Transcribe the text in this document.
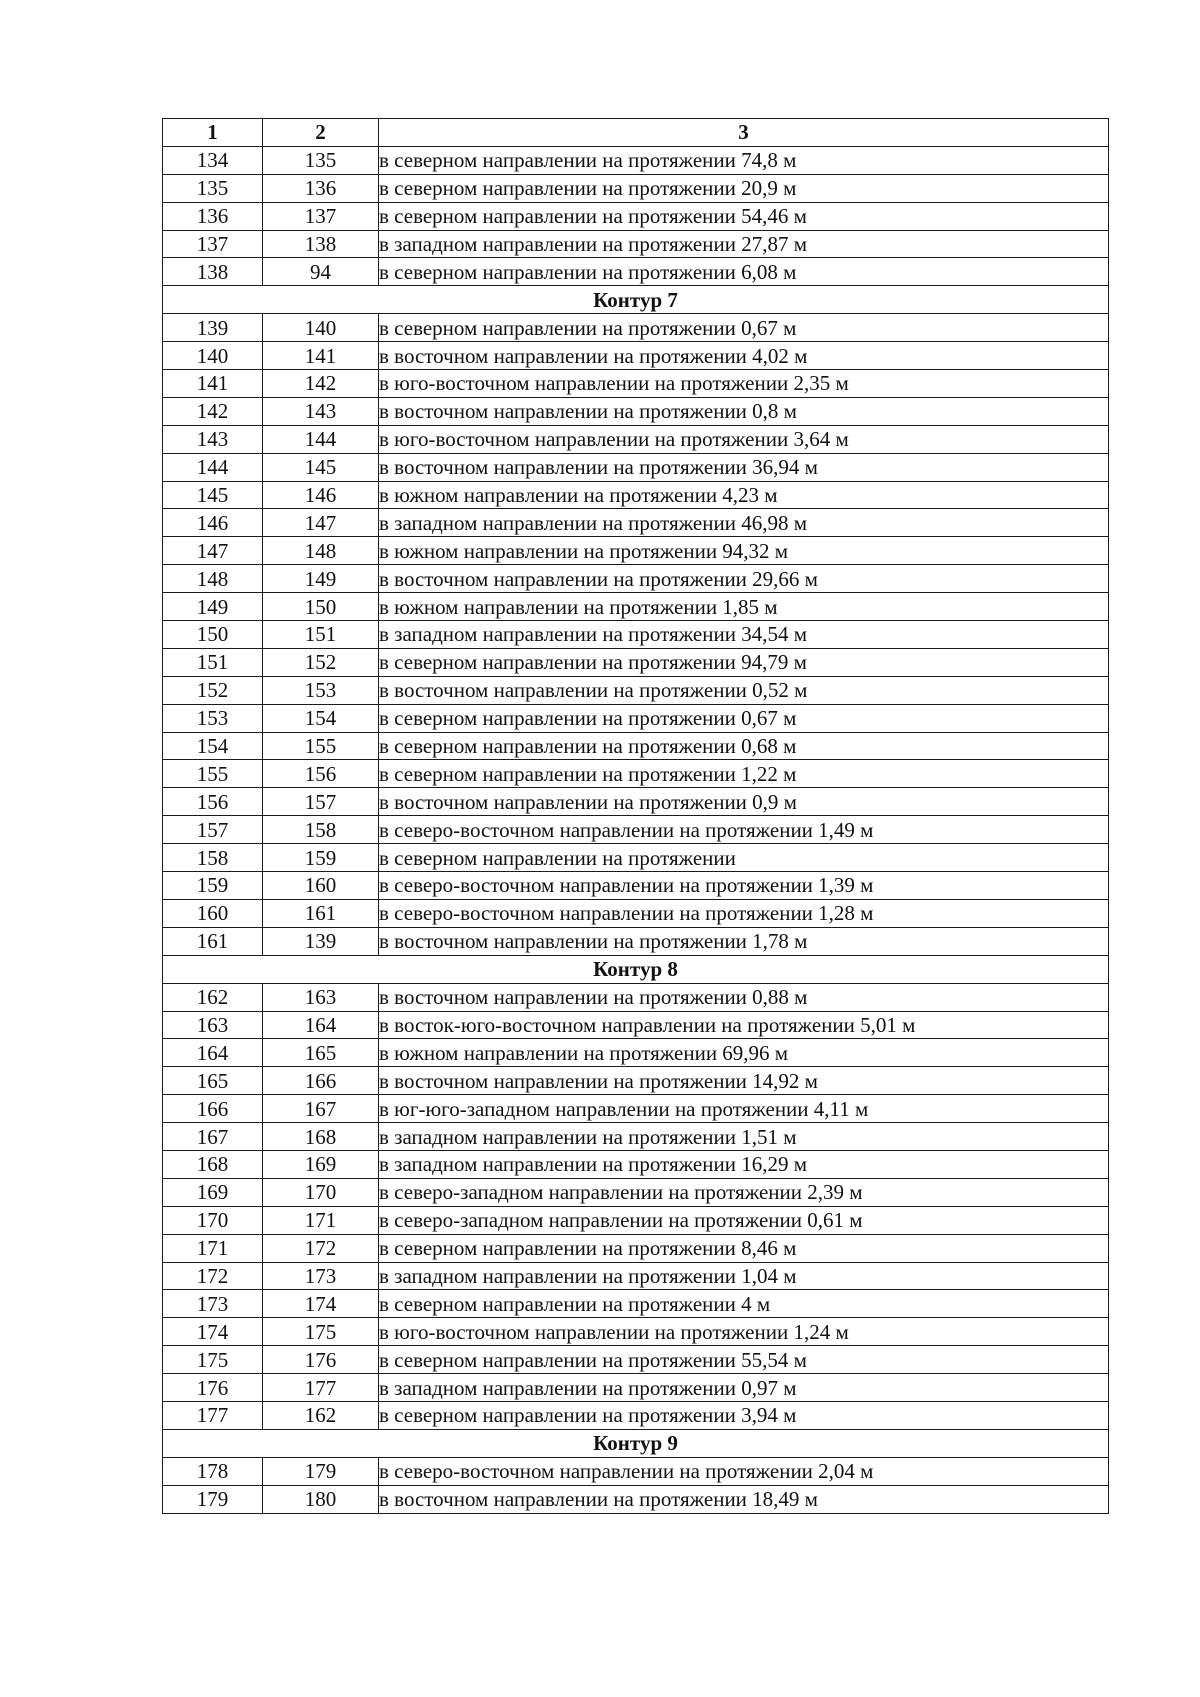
1	2	3
134	135	в северном направлении на протяжении 74,8 м
135	136	в северном направлении на протяжении 20,9 м
136	137	в северном направлении на протяжении 54,46 м
137	138	в западном направлении на протяжении 27,87 м
138	94	в северном направлении на протяжении 6,08 м
Контур 7		
139	140	в северном направлении на протяжении 0,67 м
140	141	в восточном направлении на протяжении 4,02 м
141	142	в юго-восточном направлении на протяжении 2,35 м
142	143	в восточном направлении на протяжении 0,8 м
143	144	в юго-восточном направлении на протяжении 3,64 м
144	145	в восточном направлении на протяжении 36,94 м
145	146	в южном направлении на протяжении 4,23 м
146	147	в западном направлении на протяжении 46,98 м
147	148	в южном направлении на протяжении 94,32 м
148	149	в восточном направлении на протяжении 29,66 м
149	150	в южном направлении на протяжении 1,85 м
150	151	в западном направлении на протяжении 34,54 м
151	152	в северном направлении на протяжении 94,79 м
152	153	в восточном направлении на протяжении 0,52 м
153	154	в северном направлении на протяжении 0,67 м
154	155	в северном направлении на протяжении 0,68 м
155	156	в северном направлении на протяжении 1,22 м
156	157	в восточном направлении на протяжении 0,9 м
157	158	в северо-восточном направлении на протяжении 1,49 м
158	159	в северном направлении на протяжении
159	160	в северо-восточном направлении на протяжении 1,39 м
160	161	в северо-восточном направлении на протяжении 1,28 м
161	139	в восточном направлении на протяжении 1,78 м
Контур 8		
162	163	в восточном направлении на протяжении 0,88 м
163	164	в восток-юго-восточном направлении на протяжении 5,01 м
164	165	в южном направлении на протяжении 69,96 м
165	166	в восточном направлении на протяжении 14,92 м
166	167	в юг-юго-западном направлении на протяжении 4,11 м
167	168	в западном направлении на протяжении 1,51 м
168	169	в западном направлении на протяжении 16,29 м
169	170	в северо-западном направлении на протяжении 2,39 м
170	171	в северо-западном направлении на протяжении 0,61 м
171	172	в северном направлении на протяжении 8,46 м
172	173	в западном направлении на протяжении 1,04 м
173	174	в северном направлении на протяжении 4 м
174	175	в юго-восточном направлении на протяжении 1,24 м
175	176	в северном направлении на протяжении 55,54 м
176	177	в западном направлении на протяжении 0,97 м
177	162	в северном направлении на протяжении 3,94 м
Контур 9		
178	179	в северо-восточном направлении на протяжении 2,04 м
179	180	в восточном направлении на протяжении 18,49 м
